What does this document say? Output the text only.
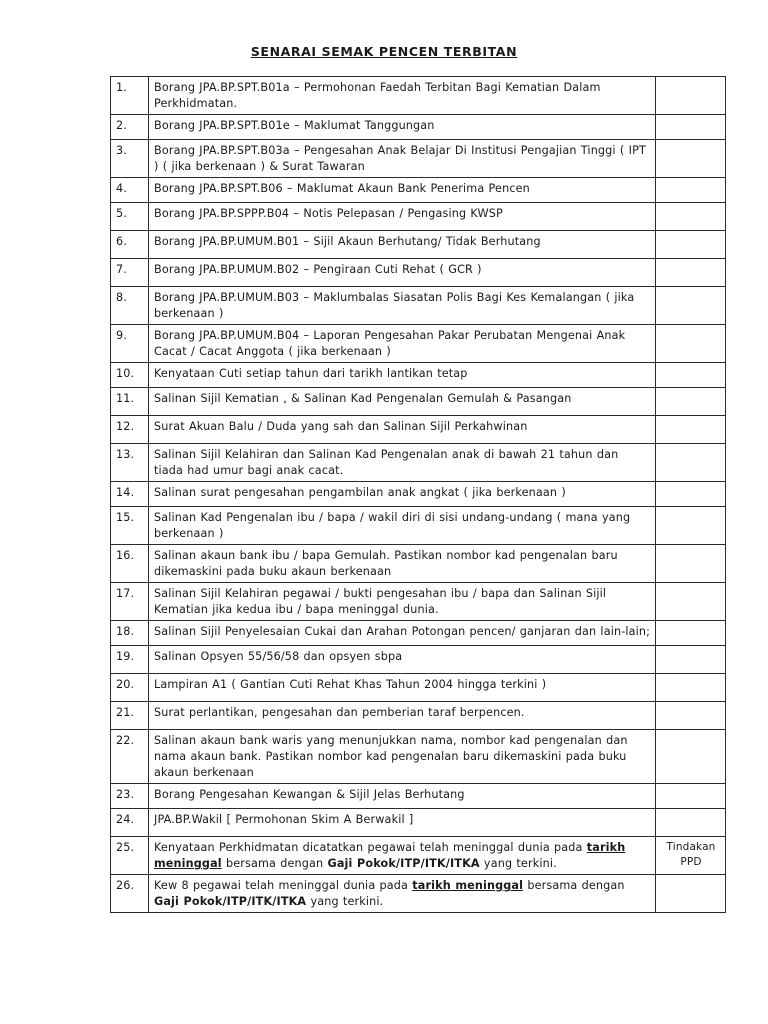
SENARAI SEMAK PENCEN TERBITAN
1.	Borang JPA.BP.SPT.B01a – Permohonan Faedah Terbitan Bagi Kematian Dalam Perkhidmatan.	
2.	Borang JPA.BP.SPT.B01e – Maklumat Tanggungan	
3.	Borang JPA.BP.SPT.B03a – Pengesahan Anak Belajar Di Institusi Pengajian Tinggi ( IPT ) ( jika berkenaan ) & Surat Tawaran	
4.	Borang JPA.BP.SPT.B06 – Maklumat Akaun Bank Penerima Pencen	
5.	Borang JPA.BP.SPPP.B04 – Notis Pelepasan / Pengasing KWSP	
6.	Borang JPA.BP.UMUM.B01 – Sijil Akaun Berhutang/ Tidak Berhutang	
7.	Borang JPA.BP.UMUM.B02 – Pengiraan Cuti Rehat ( GCR )	
8.	Borang JPA.BP.UMUM.B03 – Maklumbalas Siasatan Polis Bagi Kes Kemalangan ( jika berkenaan )	
9.	Borang JPA.BP.UMUM.B04 – Laporan Pengesahan Pakar Perubatan Mengenai Anak Cacat / Cacat Anggota ( jika berkenaan )	
10.	Kenyataan Cuti setiap tahun dari tarikh lantikan tetap	
11.	Salinan Sijil Kematian , & Salinan Kad Pengenalan Gemulah & Pasangan	
12.	Surat Akuan Balu / Duda yang sah dan Salinan Sijil Perkahwinan	
13.	Salinan Sijil Kelahiran dan Salinan Kad Pengenalan anak di bawah 21 tahun dan tiada had umur bagi anak cacat.	
14.	Salinan surat pengesahan pengambilan anak angkat ( jika berkenaan )	
15.	Salinan Kad Pengenalan ibu / bapa / wakil diri di sisi undang-undang ( mana yang berkenaan )	
16.	Salinan akaun bank ibu / bapa Gemulah. Pastikan nombor kad pengenalan baru dikemaskini pada buku akaun berkenaan	
17.	Salinan Sijil Kelahiran pegawai / bukti pengesahan ibu / bapa dan Salinan Sijil Kematian jika kedua ibu / bapa meninggal dunia.	
18.	Salinan Sijil Penyelesaian Cukai dan Arahan Potongan pencen/ ganjaran dan lain-lain;	
19.	Salinan Opsyen 55/56/58 dan opsyen sbpa	
20.	Lampiran A1 ( Gantian Cuti Rehat Khas Tahun 2004 hingga terkini )	
21.	Surat perlantikan, pengesahan dan pemberian taraf berpencen.	
22.	Salinan akaun bank waris yang menunjukkan nama, nombor kad pengenalan dan nama akaun bank. Pastikan nombor kad pengenalan baru dikemaskini pada buku akaun berkenaan	
23.	Borang Pengesahan Kewangan & Sijil Jelas Berhutang	
24.	JPA.BP.Wakil [ Permohonan Skim A Berwakil ]	
25.	Kenyataan Perkhidmatan dicatatkan pegawai telah meninggal dunia pada tarikh meninggal bersama dengan Gaji Pokok/ITP/ITK/ITKA yang terkini.	Tindakan PPD

26.	Kew 8 pegawai telah meninggal dunia pada tarikh meninggal bersama dengan Gaji Pokok/ITP/ITK/ITKA yang terkini.	
